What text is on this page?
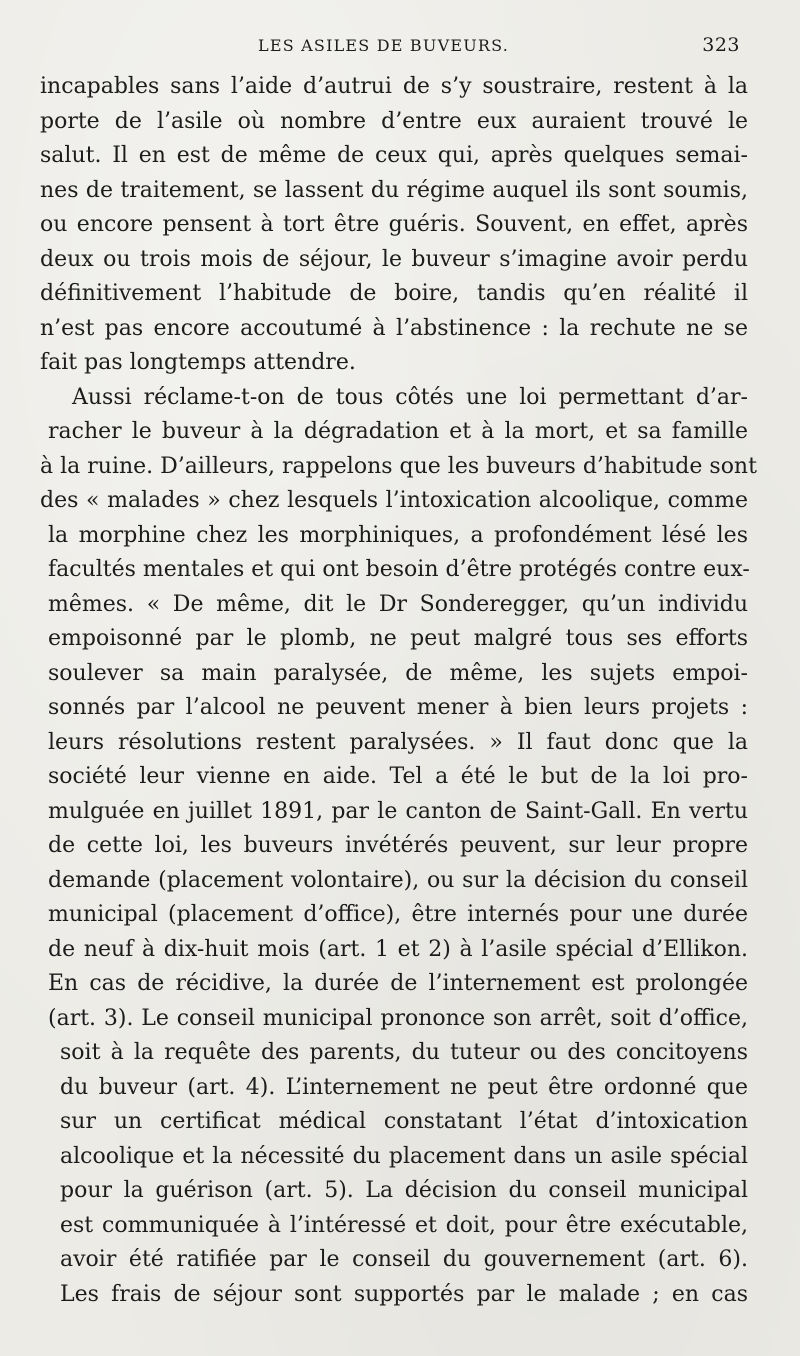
LES ASILES DE BUVEURS.	323
incapables sans l’aide d’autrui de s’y soustraire, restent à la
porte de l’asile où nombre d’entre eux auraient trouvé le
salut. Il en est de même de ceux qui, après quelques semai-
nes de traitement, se lassent du régime auquel ils sont soumis,
ou encore pensent à tort être guéris. Souvent, en effet, après
deux ou trois mois de séjour, le buveur s’imagine avoir perdu
définitivement l’habitude de boire, tandis qu’en réalité il
n’est pas encore accoutumé à l’abstinence : la rechute ne se
fait pas longtemps attendre.
Aussi réclame-t-on de tous côtés une loi permettant d’ar-
racher le buveur à la dégradation et à la mort, et sa famille
à la ruine. D’ailleurs, rappelons que les buveurs d’habitude sont
des « malades » chez lesquels l’intoxication alcoolique, comme
la morphine chez les morphiniques, a profondément lésé les
facultés mentales et qui ont besoin d’être protégés contre eux-
mêmes. « De même, dit le Dr Sonderegger, qu’un individu
empoisonné par le plomb, ne peut malgré tous ses efforts
soulever sa main paralysée, de même, les sujets empoi-
sonnés par l’alcool ne peuvent mener à bien leurs projets :
leurs résolutions restent paralysées. » Il faut donc que la
société leur vienne en aide. Tel a été le but de la loi pro-
mulguée en juillet 1891, par le canton de Saint-Gall. En vertu
de cette loi, les buveurs invétérés peuvent, sur leur propre
demande (placement volontaire), ou sur la décision du conseil
municipal (placement d’office), être internés pour une durée
de neuf à dix-huit mois (art. 1 et 2) à l’asile spécial d’Ellikon.
En cas de récidive, la durée de l’internement est prolongée
(art. 3). Le conseil municipal prononce son arrêt, soit d’office,
soit à la requête des parents, du tuteur ou des concitoyens
du buveur (art. 4). L’internement ne peut être ordonné que
sur un certificat médical constatant l’état d’intoxication
alcoolique et la nécessité du placement dans un asile spécial
pour la guérison (art. 5). La décision du conseil municipal
est communiquée à l’intéressé et doit, pour être exécutable,
avoir été ratifiée par le conseil du gouvernement (art. 6).
Les frais de séjour sont supportés par le malade ; en cas
